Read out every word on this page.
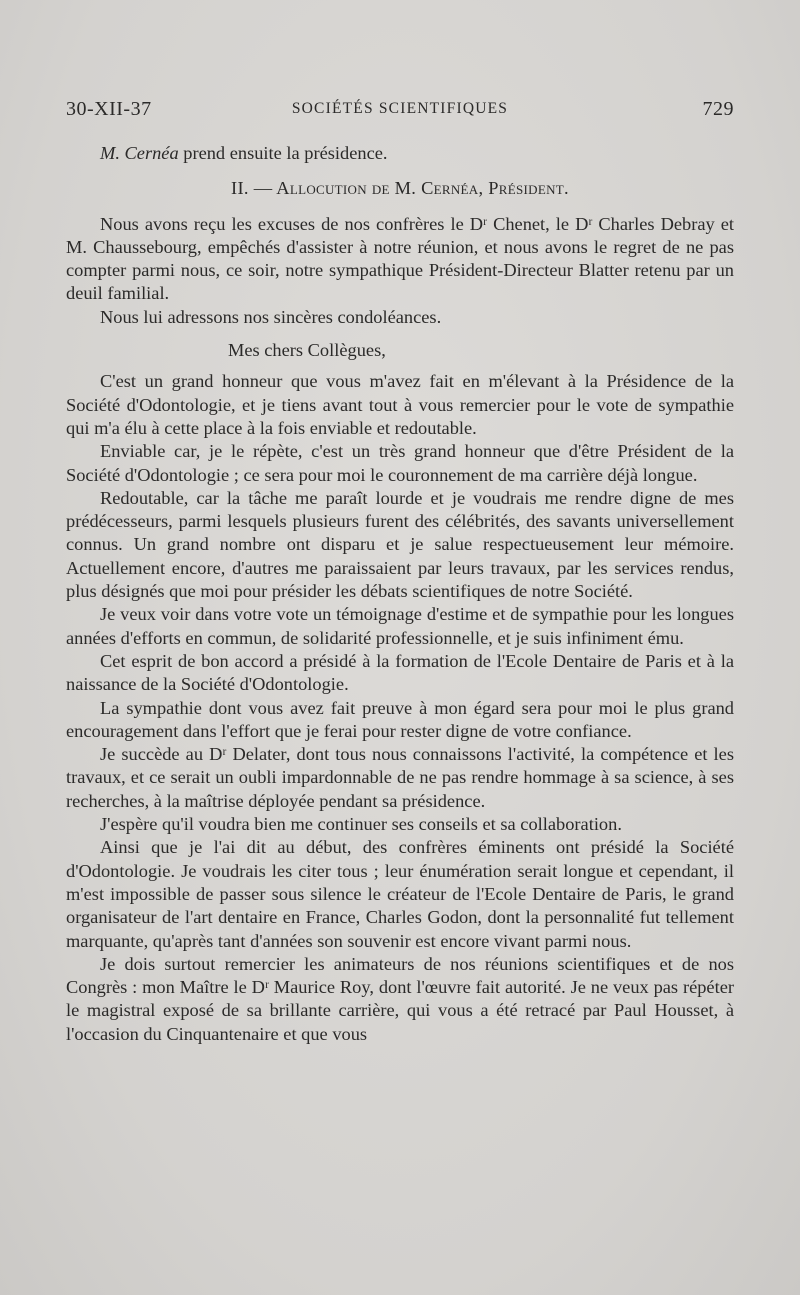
30-XII-37	SOCIÉTÉS SCIENTIFIQUES	729

M. Cernéa prend ensuite la présidence.

II. — Allocution de M. Cernéa, Président.

Nous avons reçu les excuses de nos confrères le Dʳ Chenet, le Dʳ Charles Debray et M. Chaussebourg, empêchés d'assister à notre réunion, et nous avons le regret de ne pas compter parmi nous, ce soir, notre sympathique Président-Directeur Blatter retenu par un deuil familial.

Nous lui adressons nos sincères condoléances.

Mes chers Collègues,

C'est un grand honneur que vous m'avez fait en m'élevant à la Présidence de la Société d'Odontologie, et je tiens avant tout à vous remercier pour le vote de sympathie qui m'a élu à cette place à la fois enviable et redoutable.

Enviable car, je le répète, c'est un très grand honneur que d'être Président de la Société d'Odontologie ; ce sera pour moi le couronnement de ma carrière déjà longue.

Redoutable, car la tâche me paraît lourde et je voudrais me rendre digne de mes prédécesseurs, parmi lesquels plusieurs furent des célébrités, des savants universellement connus. Un grand nombre ont disparu et je salue respectueusement leur mémoire. Actuellement encore, d'autres me paraissaient par leurs travaux, par les services rendus, plus désignés que moi pour présider les débats scientifiques de notre Société.

Je veux voir dans votre vote un témoignage d'estime et de sympathie pour les longues années d'efforts en commun, de solidarité professionnelle, et je suis infiniment ému.

Cet esprit de bon accord a présidé à la formation de l'Ecole Dentaire de Paris et à la naissance de la Société d'Odontologie.

La sympathie dont vous avez fait preuve à mon égard sera pour moi le plus grand encouragement dans l'effort que je ferai pour rester digne de votre confiance.

Je succède au Dʳ Delater, dont tous nous connaissons l'activité, la compétence et les travaux, et ce serait un oubli impardonnable de ne pas rendre hommage à sa science, à ses recherches, à la maîtrise déployée pendant sa présidence.

J'espère qu'il voudra bien me continuer ses conseils et sa collaboration.

Ainsi que je l'ai dit au début, des confrères éminents ont présidé la Société d'Odontologie. Je voudrais les citer tous ; leur énumération serait longue et cependant, il m'est impossible de passer sous silence le créateur de l'Ecole Dentaire de Paris, le grand organisateur de l'art dentaire en France, Charles Godon, dont la personnalité fut tellement marquante, qu'après tant d'années son souvenir est encore vivant parmi nous.

Je dois surtout remercier les animateurs de nos réunions scientifiques et de nos Congrès : mon Maître le Dʳ Maurice Roy, dont l'œuvre fait autorité. Je ne veux pas répéter le magistral exposé de sa brillante carrière, qui vous a été retracé par Paul Housset, à l'occasion du Cinquantenaire et que vous
